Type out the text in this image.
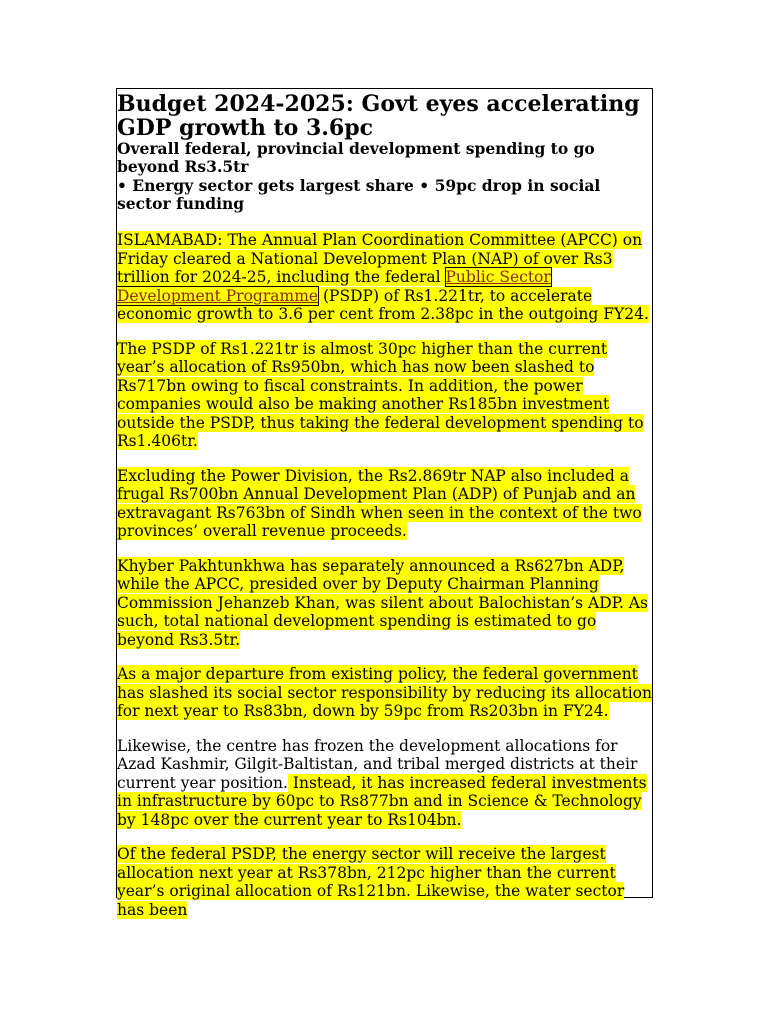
Budget 2024-2025: Govt eyes accelerating GDP growth to 3.6pc
Overall federal, provincial development spending to go beyond Rs3.5tr
• Energy sector gets largest share • 59pc drop in social sector funding

ISLAMABAD: The Annual Plan Coordination Committee (APCC) on Friday cleared a National Development Plan (NAP) of over Rs3 trillion for 2024-25, including the federal Public Sector Development Programme (PSDP) of Rs1.221tr, to accelerate economic growth to 3.6 per cent from 2.38pc in the outgoing FY24.

The PSDP of Rs1.221tr is almost 30pc higher than the current year’s allocation of Rs950bn, which has now been slashed to Rs717bn owing to fiscal constraints. In addition, the power companies would also be making another Rs185bn investment outside the PSDP, thus taking the federal development spending to Rs1.406tr.

Excluding the Power Division, the Rs2.869tr NAP also included a frugal Rs700bn Annual Development Plan (ADP) of Punjab and an extravagant Rs763bn of Sindh when seen in the context of the two provinces’ overall revenue proceeds.

Khyber Pakhtunkhwa has separately announced a Rs627bn ADP, while the APCC, presided over by Deputy Chairman Planning Commission Jehanzeb Khan, was silent about Balochistan’s ADP. As such, total national development spending is estimated to go beyond Rs3.5tr.

As a major departure from existing policy, the federal government has slashed its social sector responsibility by reducing its allocation for next year to Rs83bn, down by 59pc from Rs203bn in FY24.

Likewise, the centre has frozen the development allocations for Azad Kashmir, Gilgit-Baltistan, and tribal merged districts at their current year position. Instead, it has increased federal investments in infrastructure by 60pc to Rs877bn and in Science & Technology by 148pc over the current year to Rs104bn.

Of the federal PSDP, the energy sector will receive the largest allocation next year at Rs378bn, 212pc higher than the current year’s original allocation of Rs121bn. Likewise, the water sector has been
